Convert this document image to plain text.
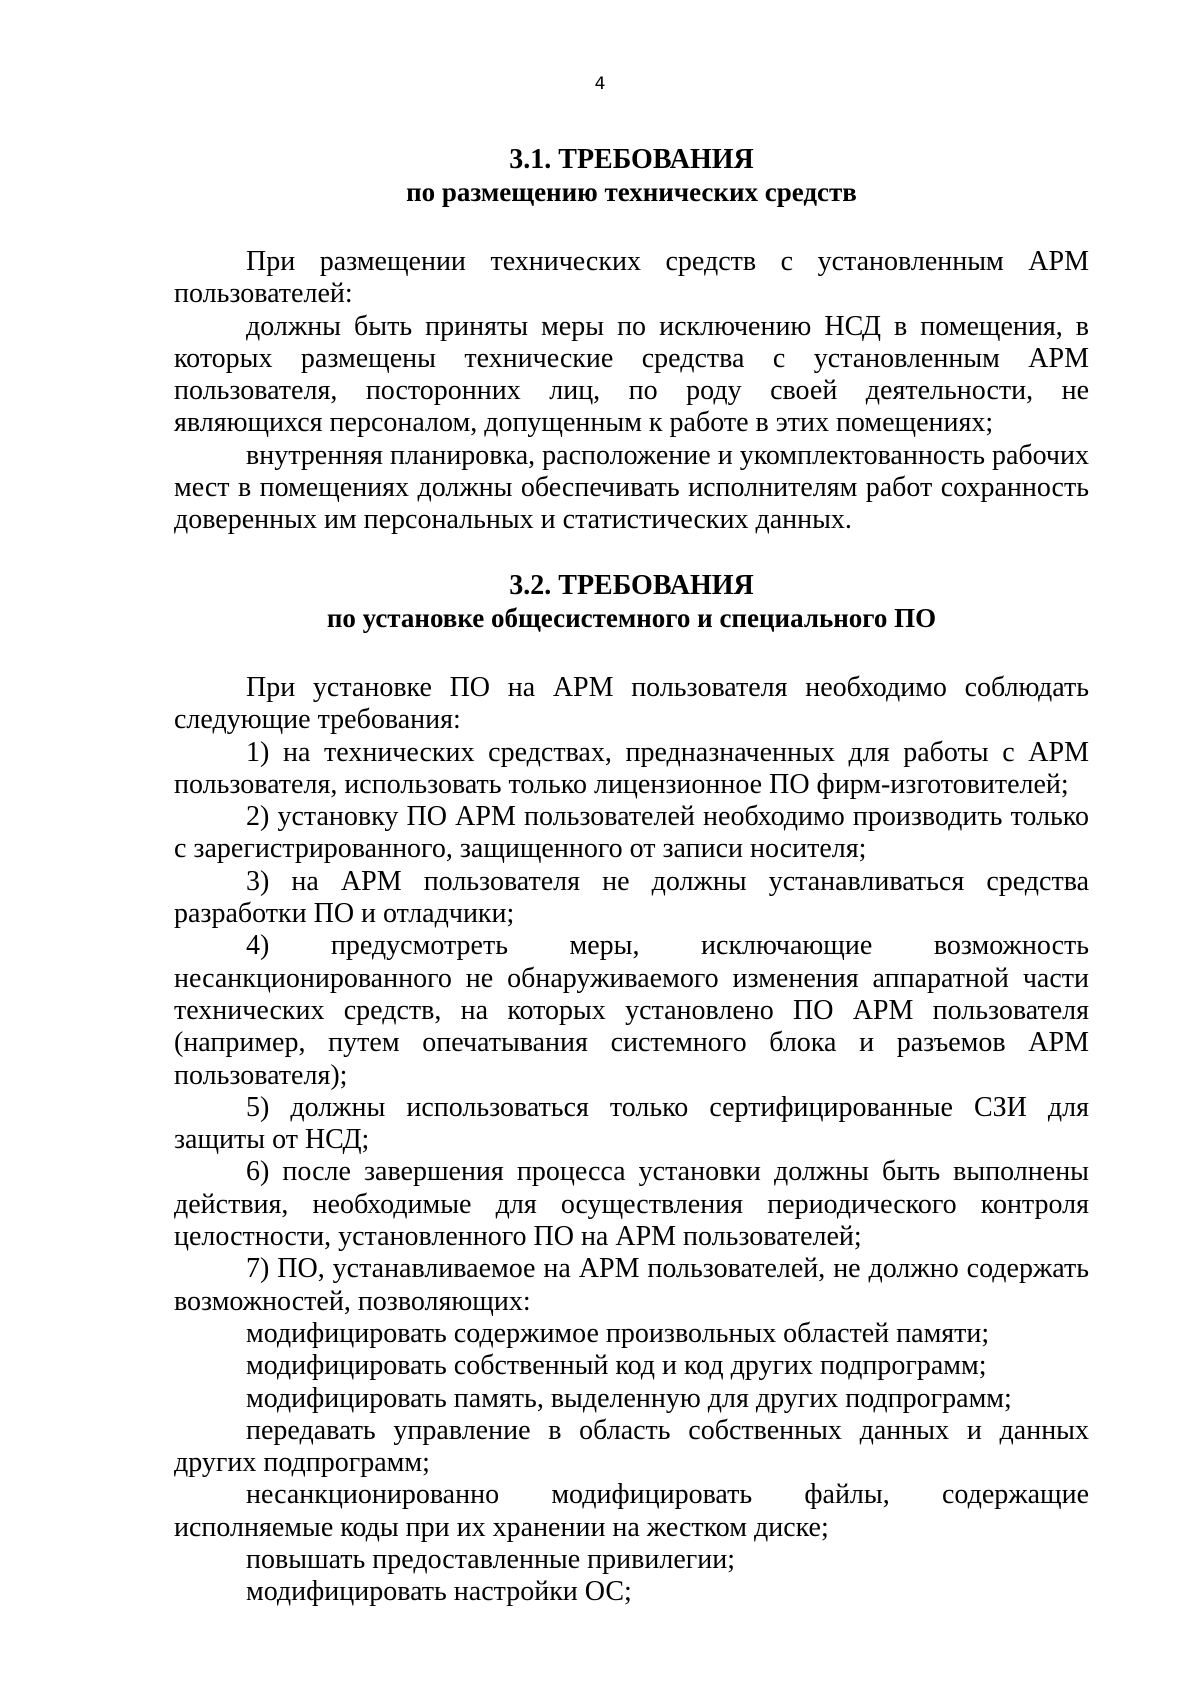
4
3.1. ТРЕБОВАНИЯ
по размещению технических средств

При размещении технических средств с установленным АРМ пользователей:

должны быть приняты меры по исключению НСД в помещения, в которых размещены технические средства с установленным АРМ пользователя, посторонних лиц, по роду своей деятельности, не являющихся персоналом, допущенным к работе в этих помещениях;

внутренняя планировка, расположение и укомплектованность рабочих мест в помещениях должны обеспечивать исполнителям работ сохранность доверенных им персональных и статистических данных.

3.2. ТРЕБОВАНИЯ
по установке общесистемного и специального ПО

При установке ПО на АРМ пользователя необходимо соблюдать следующие требования:

1) на технических средствах, предназначенных для работы с АРМ пользователя, использовать только лицензионное ПО фирм-изготовителей;

2) установку ПО АРМ пользователей необходимо производить только с зарегистрированного, защищенного от записи носителя;

3) на АРМ пользователя не должны устанавливаться средства разработки ПО и отладчики;

4) предусмотреть меры, исключающие возможность несанкционированного не обнаруживаемого изменения аппаратной части технических средств, на которых установлено ПО АРМ пользователя (например, путем опечатывания системного блока и разъемов АРМ пользователя);

5) должны использоваться только сертифицированные СЗИ для защиты от НСД;

6) после завершения процесса установки должны быть выполнены действия, необходимые для осуществления периодического контроля целостности, установленного ПО на АРМ пользователей;

7) ПО, устанавливаемое на АРМ пользователей, не должно содержать возможностей, позволяющих:

модифицировать содержимое произвольных областей памяти;

модифицировать собственный код и код других подпрограмм;

модифицировать память, выделенную для других подпрограмм;

передавать управление в область собственных данных и данных других подпрограмм;

несанкционированно модифицировать файлы, содержащие исполняемые коды при их хранении на жестком диске;

повышать предоставленные привилегии;

модифицировать настройки ОС;
